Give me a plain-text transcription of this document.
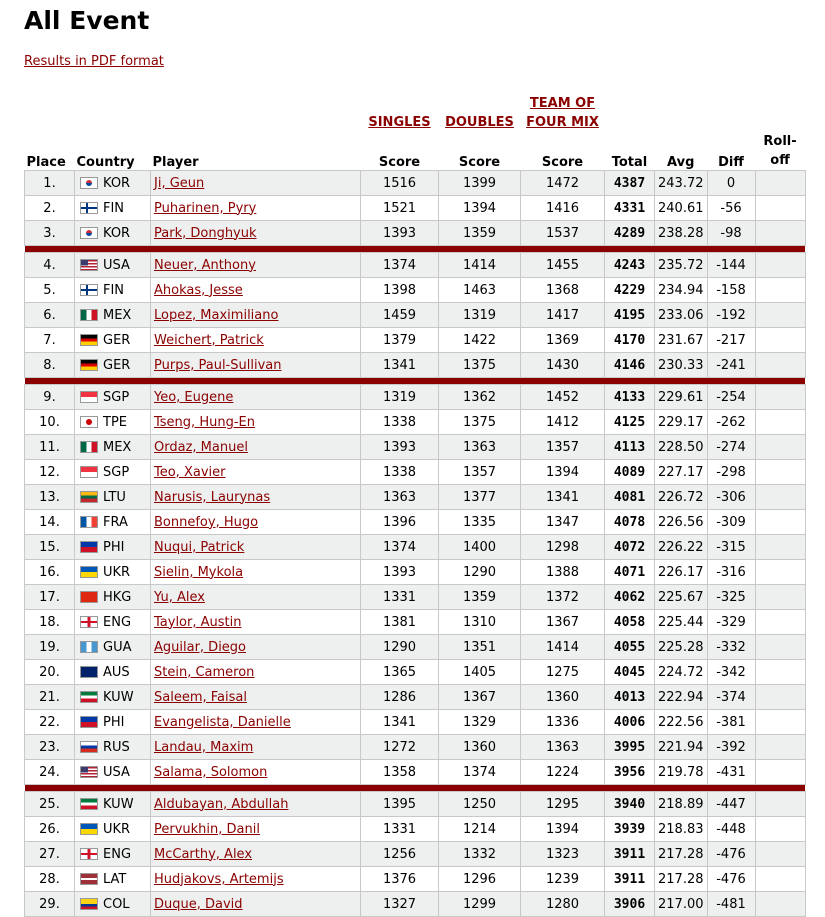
All Event
Results in PDF format
			SINGLES	DOUBLES	TEAM OF FOUR MIX				
Place	Country	Player	Score	Score	Score	Total	Avg	Diff	Roll-off
1.	KOR	Ji, Geun	1516	1399	1472	4387	243.72	0	
2.	FIN	Puharinen, Pyry	1521	1394	1416	4331	240.61	-56	
3.	KOR	Park, Donghyuk	1393	1359	1537	4289	238.28	-98	

4.	USA	Neuer, Anthony	1374	1414	1455	4243	235.72	-144	
5.	FIN	Ahokas, Jesse	1398	1463	1368	4229	234.94	-158	
6.	MEX	Lopez, Maximiliano	1459	1319	1417	4195	233.06	-192	
7.	GER	Weichert, Patrick	1379	1422	1369	4170	231.67	-217	
8.	GER	Purps, Paul-Sullivan	1341	1375	1430	4146	230.33	-241	

9.	SGP	Yeo, Eugene	1319	1362	1452	4133	229.61	-254	
10.	TPE	Tseng, Hung-En	1338	1375	1412	4125	229.17	-262	
11.	MEX	Ordaz, Manuel	1393	1363	1357	4113	228.50	-274	
12.	SGP	Teo, Xavier	1338	1357	1394	4089	227.17	-298	
13.	LTU	Narusis, Laurynas	1363	1377	1341	4081	226.72	-306	
14.	FRA	Bonnefoy, Hugo	1396	1335	1347	4078	226.56	-309	
15.	PHI	Nuqui, Patrick	1374	1400	1298	4072	226.22	-315	
16.	UKR	Sielin, Mykola	1393	1290	1388	4071	226.17	-316	
17.	HKG	Yu, Alex	1331	1359	1372	4062	225.67	-325	
18.	ENG	Taylor, Austin	1381	1310	1367	4058	225.44	-329	
19.	GUA	Aguilar, Diego	1290	1351	1414	4055	225.28	-332	
20.	AUS	Stein, Cameron	1365	1405	1275	4045	224.72	-342	
21.	KUW	Saleem, Faisal	1286	1367	1360	4013	222.94	-374	
22.	PHI	Evangelista, Danielle	1341	1329	1336	4006	222.56	-381	
23.	RUS	Landau, Maxim	1272	1360	1363	3995	221.94	-392	
24.	USA	Salama, Solomon	1358	1374	1224	3956	219.78	-431	

25.	KUW	Aldubayan, Abdullah	1395	1250	1295	3940	218.89	-447	
26.	UKR	Pervukhin, Danil	1331	1214	1394	3939	218.83	-448	
27.	ENG	McCarthy, Alex	1256	1332	1323	3911	217.28	-476	
28.	LAT	Hudjakovs, Artemijs	1376	1296	1239	3911	217.28	-476	
29.	COL	Duque, David	1327	1299	1280	3906	217.00	-481	
